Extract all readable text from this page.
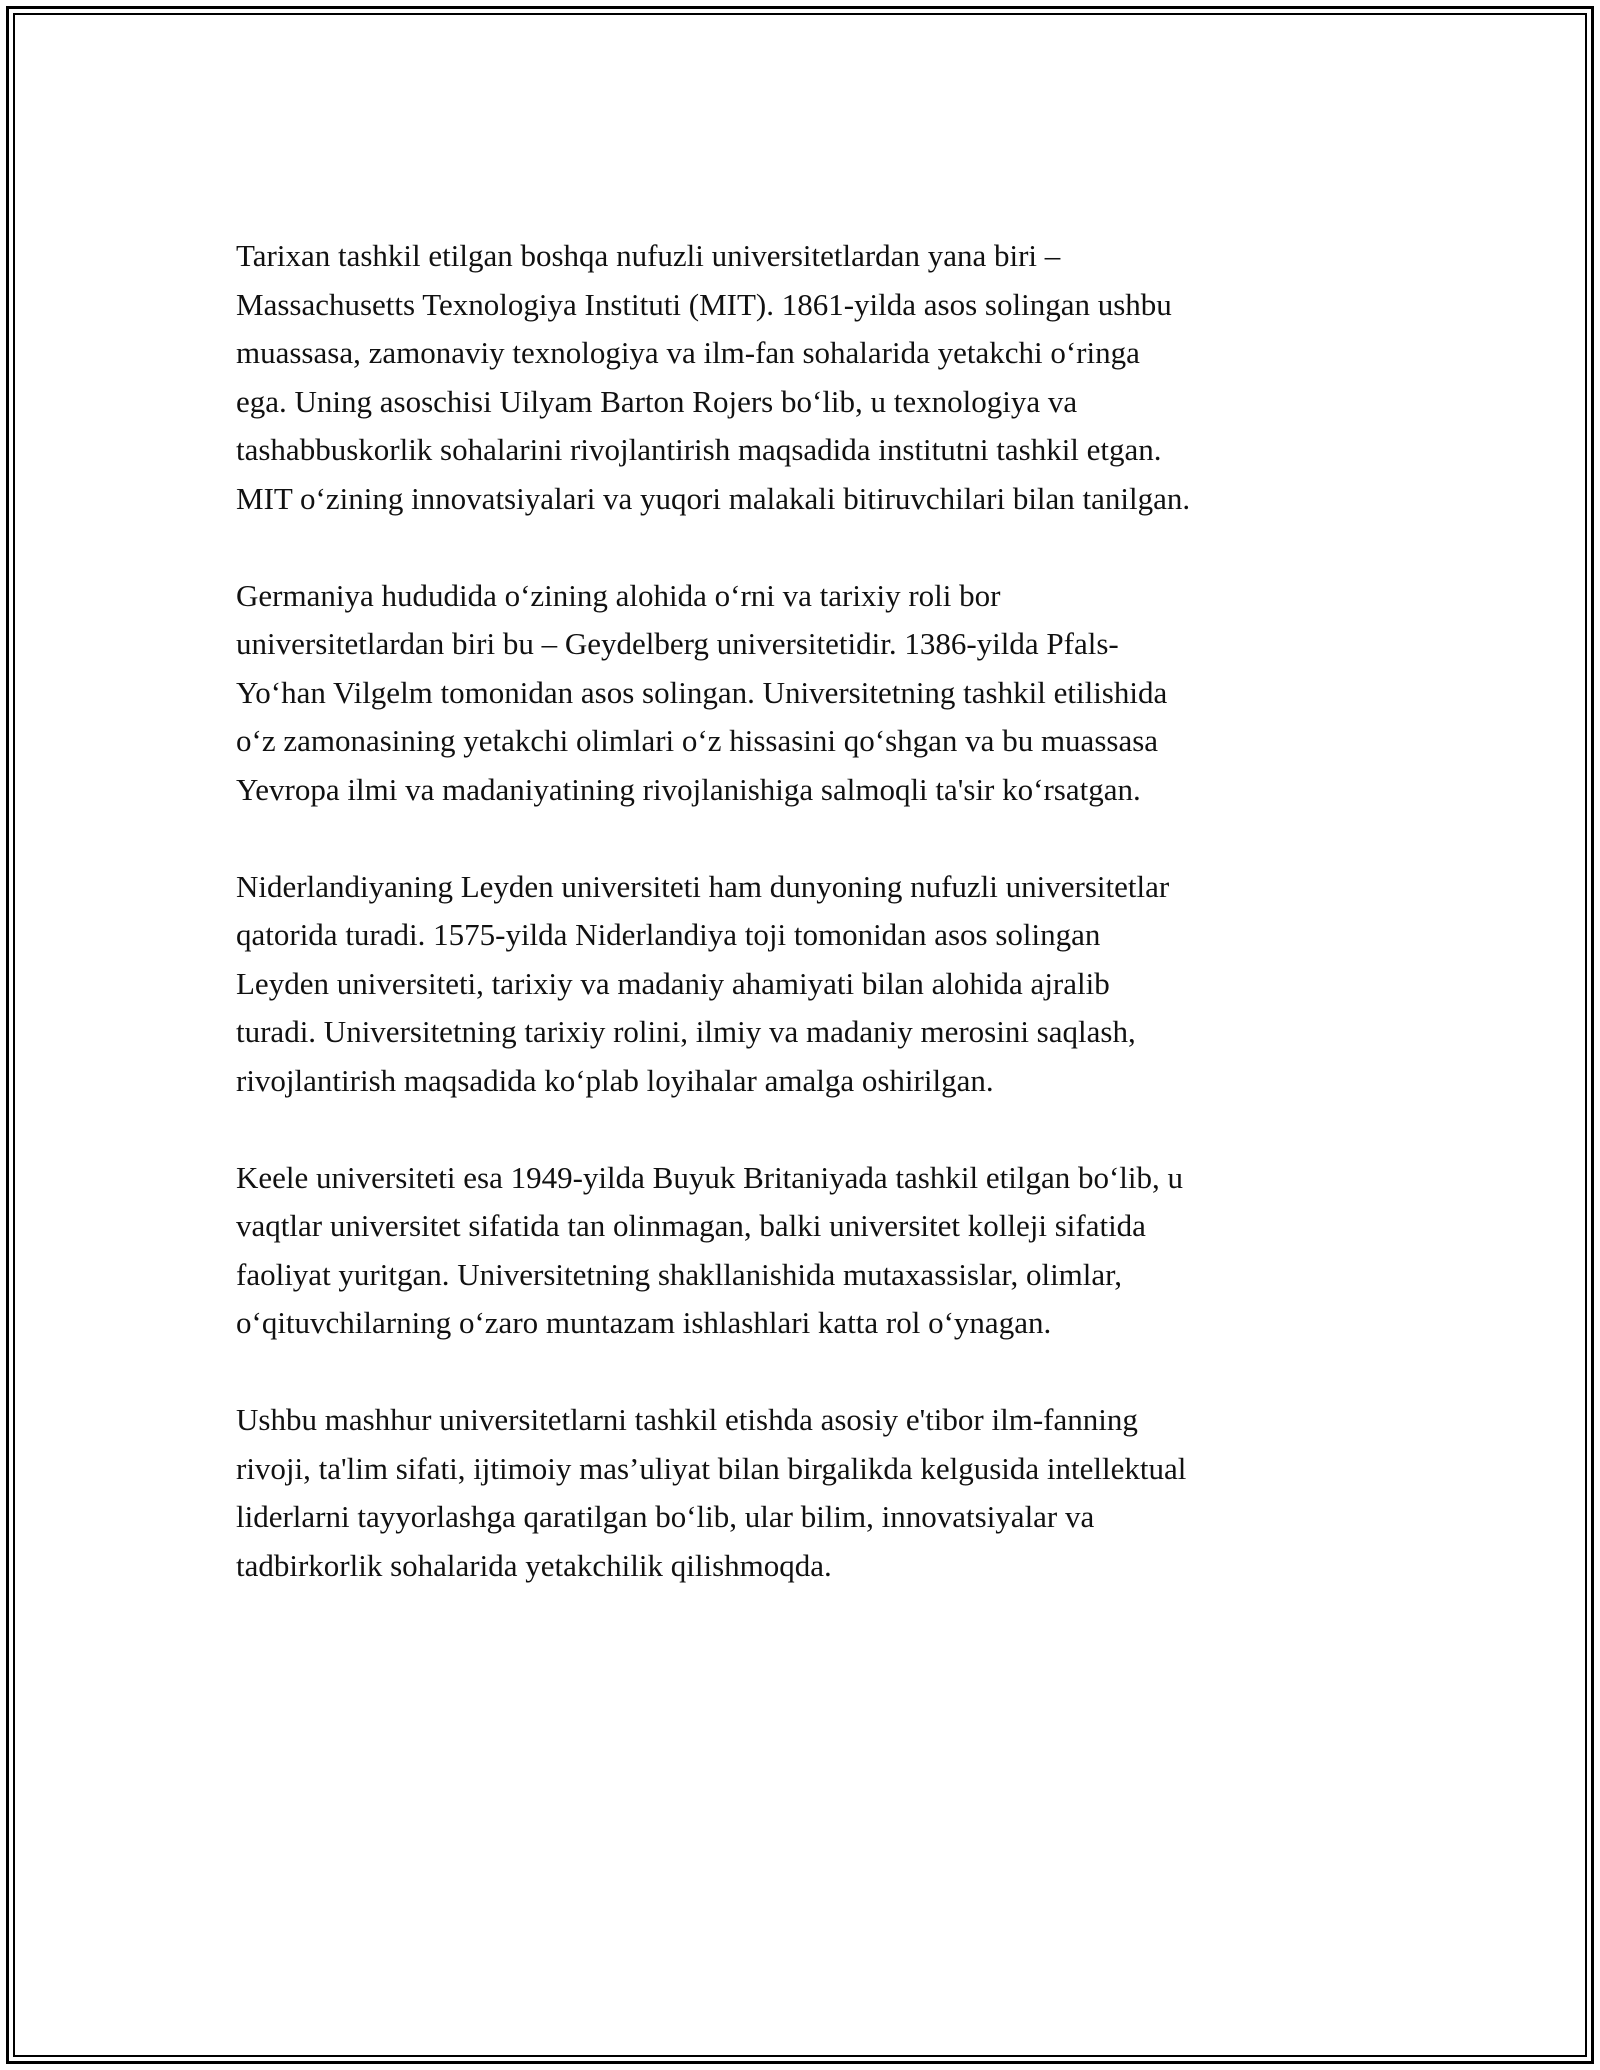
Tarixan tashkil etilgan boshqa nufuzli universitetlardan yana biri –
Massachusetts Texnologiya Instituti (MIT). 1861-yilda asos solingan ushbu
muassasa, zamonaviy texnologiya va ilm-fan sohalarida yetakchi oʻringa
ega. Uning asoschisi Uilyam Barton Rojers boʻlib, u texnologiya va
tashabbuskorlik sohalarini rivojlantirish maqsadida institutni tashkil etgan.
MIT oʻzining innovatsiyalari va yuqori malakali bitiruvchilari bilan tanilgan.

Germaniya hududida oʻzining alohida oʻrni va tarixiy roli bor
universitetlardan biri bu – Geydelberg universitetidir. 1386-yilda Pfals-
Yoʻhan Vilgelm tomonidan asos solingan. Universitetning tashkil etilishida
oʻz zamonasining yetakchi olimlari oʻz hissasini qoʻshgan va bu muassasa
Yevropa ilmi va madaniyatining rivojlanishiga salmoqli ta'sir koʻrsatgan.

Niderlandiyaning Leyden universiteti ham dunyoning nufuzli universitetlar
qatorida turadi. 1575-yilda Niderlandiya toji tomonidan asos solingan
Leyden universiteti, tarixiy va madaniy ahamiyati bilan alohida ajralib
turadi. Universitetning tarixiy rolini, ilmiy va madaniy merosini saqlash,
rivojlantirish maqsadida koʻplab loyihalar amalga oshirilgan.

Keele universiteti esa 1949-yilda Buyuk Britaniyada tashkil etilgan boʻlib, u
vaqtlar universitet sifatida tan olinmagan, balki universitet kolleji sifatida
faoliyat yuritgan. Universitetning shakllanishida mutaxassislar, olimlar,
oʻqituvchilarning oʻzaro muntazam ishlashlari katta rol oʻynagan.

Ushbu mashhur universitetlarni tashkil etishda asosiy e'tibor ilm-fanning
rivoji, ta'lim sifati, ijtimoiy mas’uliyat bilan birgalikda kelgusida intellektual
liderlarni tayyorlashga qaratilgan boʻlib, ular bilim, innovatsiyalar va
tadbirkorlik sohalarida yetakchilik qilishmoqda.
